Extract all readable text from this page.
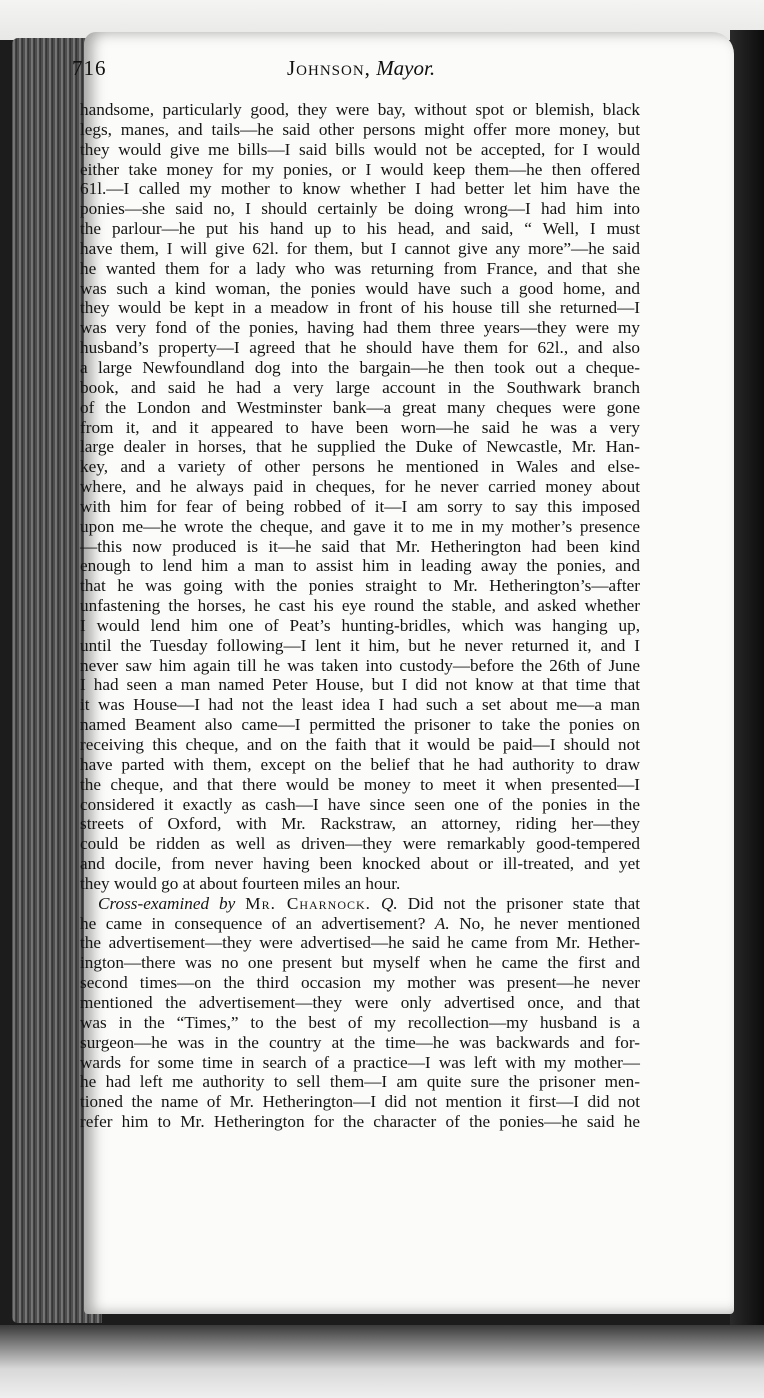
716	Johnson, Mayor.
handsome, particularly good, they were bay, without spot or blemish, black
legs, manes, and tails—he said other persons might offer more money, but
they would give me bills—I said bills would not be accepted, for I would
either take money for my ponies, or I would keep them—he then offered
61l.—I called my mother to know whether I had better let him have the
ponies—she said no, I should certainly be doing wrong—I had him into
the parlour—he put his hand up to his head, and said, “ Well, I must
have them, I will give 62l. for them, but I cannot give any more”—he said
he wanted them for a lady who was returning from France, and that she
was such a kind woman, the ponies would have such a good home, and
they would be kept in a meadow in front of his house till she returned—I
was very fond of the ponies, having had them three years—they were my
husband’s property—I agreed that he should have them for 62l., and also
a large Newfoundland dog into the bargain—he then took out a cheque-
book, and said he had a very large account in the Southwark branch
of the London and Westminster bank—a great many cheques were gone
from it, and it appeared to have been worn—he said he was a very
large dealer in horses, that he supplied the Duke of Newcastle, Mr. Han-
key, and a variety of other persons he mentioned in Wales and else-
where, and he always paid in cheques, for he never carried money about
with him for fear of being robbed of it—I am sorry to say this imposed
upon me—he wrote the cheque, and gave it to me in my mother’s presence
—this now produced is it—he said that Mr. Hetherington had been kind
enough to lend him a man to assist him in leading away the ponies, and
that he was going with the ponies straight to Mr. Hetherington’s—after
unfastening the horses, he cast his eye round the stable, and asked whether
I would lend him one of Peat’s hunting-bridles, which was hanging up,
until the Tuesday following—I lent it him, but he never returned it, and I
never saw him again till he was taken into custody—before the 26th of June
I had seen a man named Peter House, but I did not know at that time that
it was House—I had not the least idea I had such a set about me—a man
named Beament also came—I permitted the prisoner to take the ponies on
receiving this cheque, and on the faith that it would be paid—I should not
have parted with them, except on the belief that he had authority to draw
the cheque, and that there would be money to meet it when presented—I
considered it exactly as cash—I have since seen one of the ponies in the
streets of Oxford, with Mr. Rackstraw, an attorney, riding her—they
could be ridden as well as driven—they were remarkably good-tempered
and docile, from never having been knocked about or ill-treated, and yet
they would go at about fourteen miles an hour.
Cross-examined by Mr. Charnock. Q. Did not the prisoner state that
he came in consequence of an advertisement? A. No, he never mentioned
the advertisement—they were advertised—he said he came from Mr. Hether-
ington—there was no one present but myself when he came the first and
second times—on the third occasion my mother was present—he never
mentioned the advertisement—they were only advertised once, and that
was in the “Times,” to the best of my recollection—my husband is a
surgeon—he was in the country at the time—he was backwards and for-
wards for some time in search of a practice—I was left with my mother—
he had left me authority to sell them—I am quite sure the prisoner men-
tioned the name of Mr. Hetherington—I did not mention it first—I did not
refer him to Mr. Hetherington for the character of the ponies—he said he
